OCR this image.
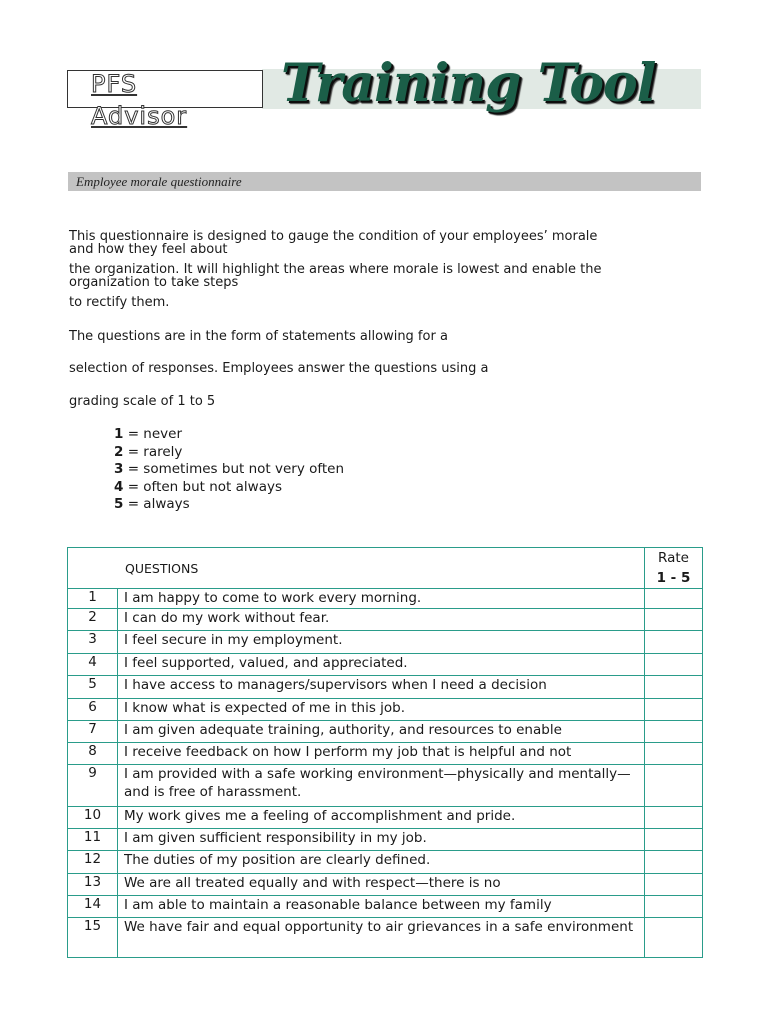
PFS
Advisor
Training Tool
Employee morale questionnaire
This questionnaire is designed to gauge the condition of your employees’ morale
and how they feel about
the organization. It will highlight the areas where morale is lowest and enable the
organization to take steps
to rectify them.
The questions are in the form of statements allowing for a
selection of responses. Employees answer the questions using a
grading scale of 1 to 5
1 = never
2 = rarely
3 = sometimes but not very often
4 = often but not always
5 = always
QUESTIONS		Rate
1 - 5

1	I am happy to come to work every morning.	

2	I can do my work without fear.	

3	I feel secure in my employment.	

4	I feel supported, valued, and appreciated.	

5	I have access to managers/supervisors when I need a decision	

6	I know what is expected of me in this job.	

7	I am given adequate training, authority, and resources to enable	

8	I receive feedback on how I perform my job that is helpful and not	

9	I am provided with a safe working environment—physically and mentally—and is free of harassment.	

10	My work gives me a feeling of accomplishment and pride.	

11	I am given sufficient responsibility in my job.	

12	The duties of my position are clearly defined.	

13	We are all treated equally and with respect—there is no	

14	I am able to maintain a reasonable balance between my family	

15	We have fair and equal opportunity to air grievances in a safe environment	
